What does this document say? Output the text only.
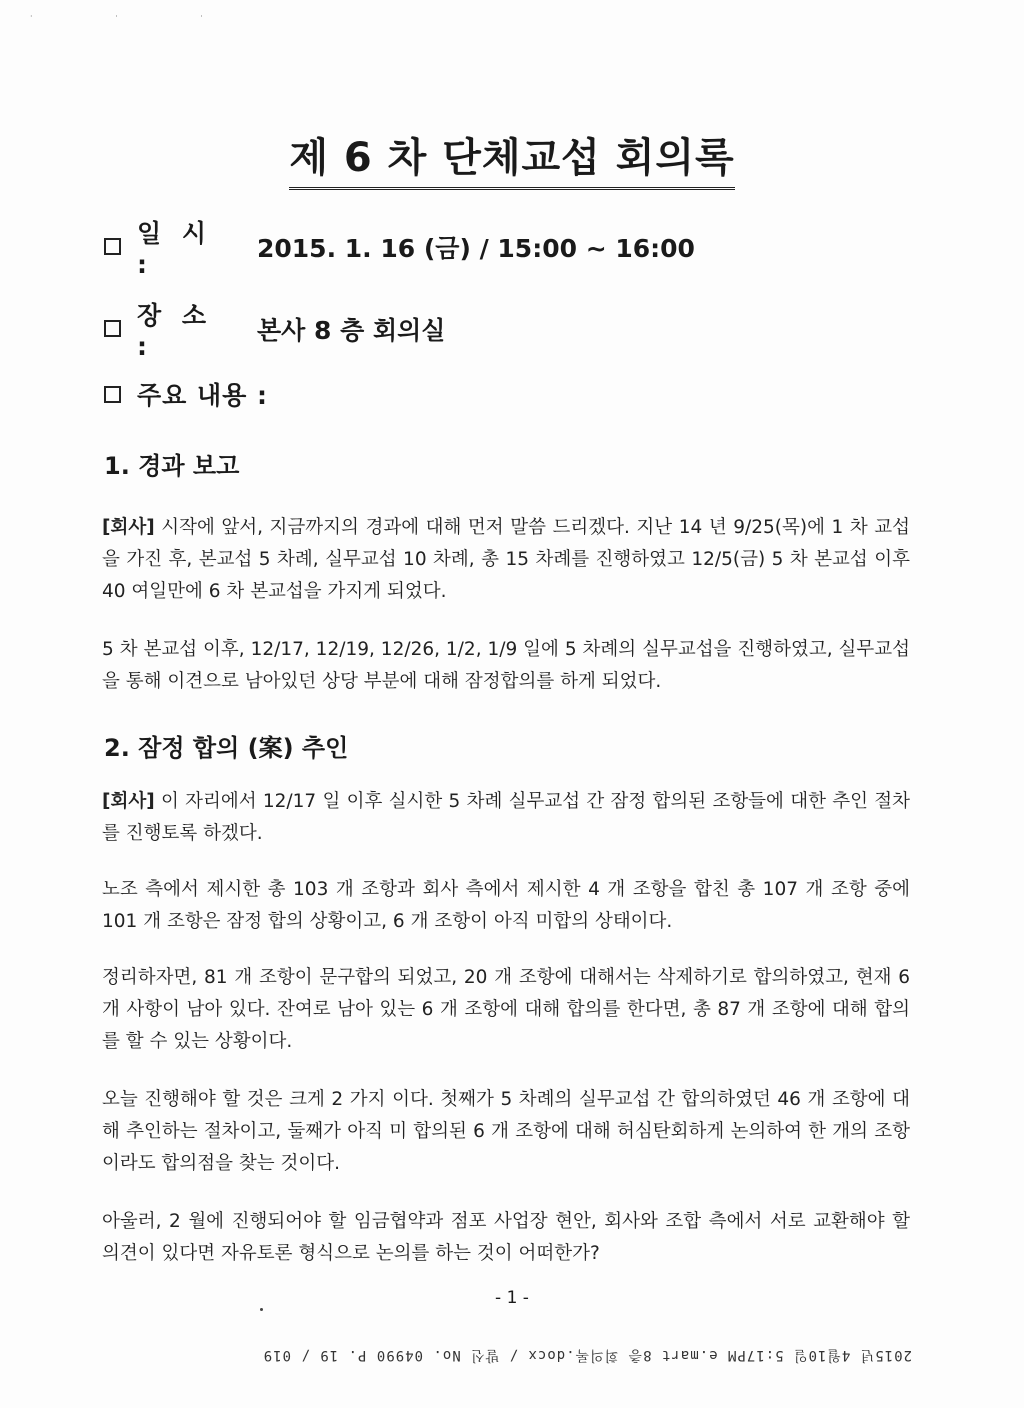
· · ·
제 6 차 단체교섭 회의록
일 시 :
2015. 1. 16 (금) / 15:00 ~ 16:00
장 소 :
본사 8 층 회의실
주요 내용 :
1. 경과 보고
[회사] 시작에 앞서, 지금까지의 경과에 대해 먼저 말씀 드리겠다. 지난 14 년 9/25(목)에 1 차 교섭을 가진 후, 본교섭 5 차례, 실무교섭 10 차례, 총 15 차례를 진행하였고 12/5(금) 5 차 본교섭 이후 40 여일만에 6 차 본교섭을 가지게 되었다.
5 차 본교섭 이후, 12/17, 12/19, 12/26, 1/2, 1/9 일에 5 차례의 실무교섭을 진행하였고, 실무교섭을 통해 이견으로 남아있던 상당 부분에 대해 잠정합의를 하게 되었다.
2. 잠정 합의 (案) 추인
[회사] 이 자리에서 12/17 일 이후 실시한 5 차례 실무교섭 간 잠정 합의된 조항들에 대한 추인 절차를 진행토록 하겠다.
노조 측에서 제시한 총 103 개 조항과 회사 측에서 제시한 4 개 조항을 합친 총 107 개 조항 중에 101 개 조항은 잠정 합의 상황이고, 6 개 조항이 아직 미합의 상태이다.
정리하자면, 81 개 조항이 문구합의 되었고, 20 개 조항에 대해서는 삭제하기로 합의하였고, 현재 6 개 사항이 남아 있다. 잔여로 남아 있는 6 개 조항에 대해 합의를 한다면, 총 87 개 조항에 대해 합의를 할 수 있는 상황이다.
오늘 진행해야 할 것은 크게 2 가지 이다. 첫째가 5 차례의 실무교섭 간 합의하였던 46 개 조항에 대해 추인하는 절차이고, 둘째가 아직 미 합의된 6 개 조항에 대해 허심탄회하게 논의하여 한 개의 조항이라도 합의점을 찾는 것이다.
아울러, 2 월에 진행되어야 할 임금협약과 점포 사업장 현안, 회사와 조합 측에서 서로 교환해야 할 의견이 있다면 자유토론 형식으로 논의를 하는 것이 어떠한가?
- 1 -
2015년 4월10일 5:17PM e.mart 8층 회의록.docx / 발신 No. 04990 P. 19 / 019
